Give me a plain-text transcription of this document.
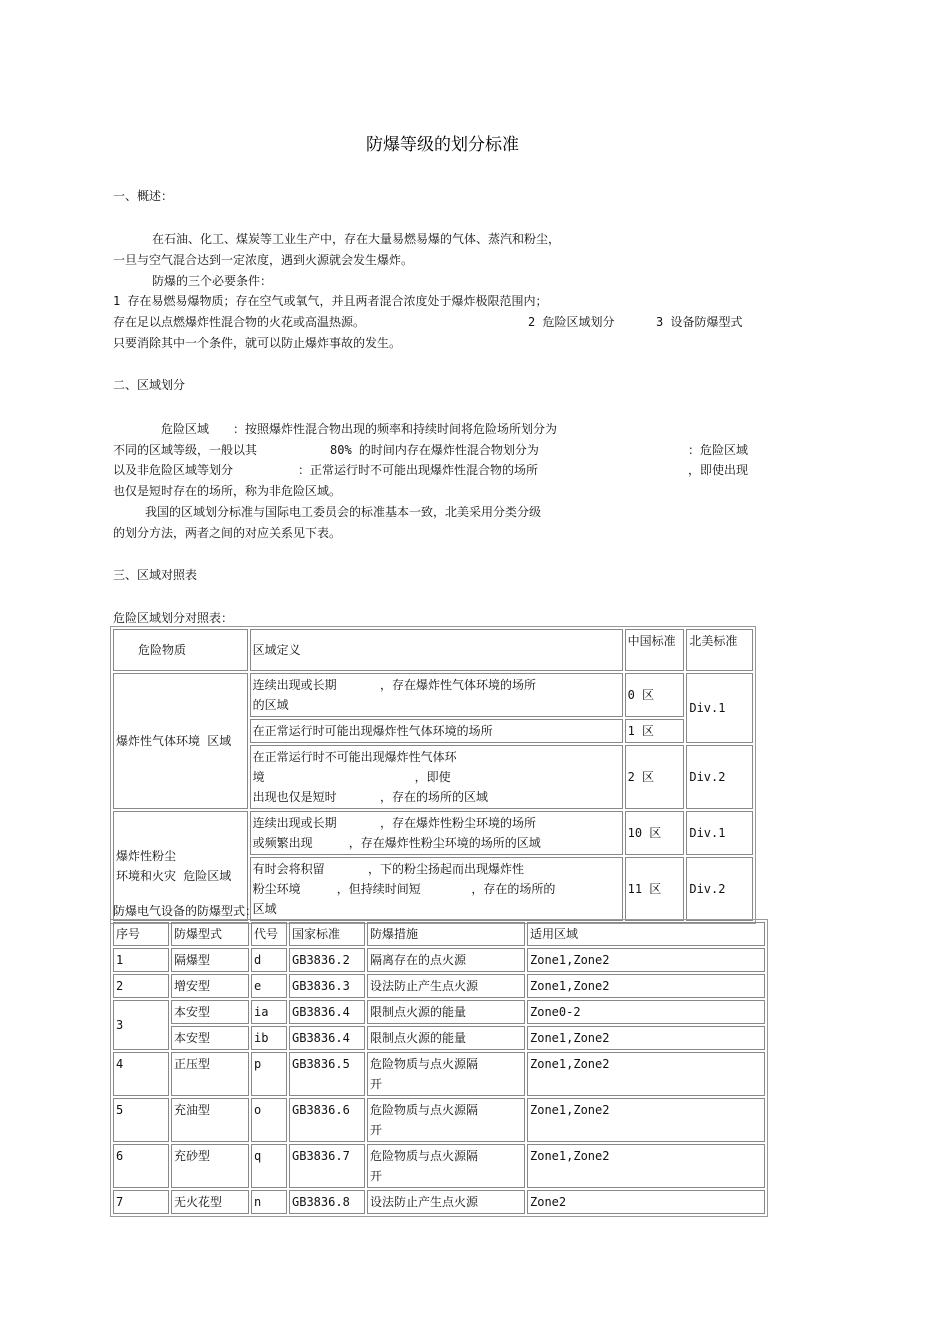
防爆等级的划分标准
一、概述：
在石油、化工、煤炭等工业生产中，存在大量易燃易爆的气体、蒸汽和粉尘，
一旦与空气混合达到一定浓度，遇到火源就会发生爆炸。
防爆的三个必要条件：
1 存在易燃易爆物质；存在空气或氧气，并且两者混合浓度处于爆炸极限范围内；
存在足以点燃爆炸性混合物的火花或高温热源。	2 危险区域划分	3 设备防爆型式
只要消除其中一个条件，就可以防止爆炸事故的发生。
二、区域划分
危险区域 ：按照爆炸性混合物出现的频率和持续时间将危险场所划分为
不同的区域等级，一般以其	80% 的时间内存在爆炸性混合物划分为	：危险区域
以及非危险区域等划分	：正常运行时不可能出现爆炸性混合物的场所	，即使出现
也仅是短时存在的场所，称为非危险区域。
我国的区域划分标准与国际电工委员会的标准基本一致，北美采用分类分级
的划分方法，两者之间的对应关系见下表。
三、区域对照表
危险区域划分对照表：
危险物质	区域定义	中国标准	北美标准
爆炸性气体环境 区域	连续出现或长期 ，存在爆炸性气体环境的场所
的区域	0 区	Div.1
	在正常运行时可能出现爆炸性气体环境的场所	1 区	
	在正常运行时不可能出现爆炸性气体环境 ，即使
出现也仅是短时 ，存在的场所的区域	2 区	Div.2
爆炸性粉尘
环境和火灾 危险区域	连续出现或长期 ，存在爆炸性粉尘环境的场所
或频繁出现 ，存在爆炸性粉尘环境的场所的区域	10 区	Div.1
	有时会将积留 ，下的粉尘扬起而出现爆炸性
粉尘环境 ，但持续时间短 ，存在的场所的
区域	11 区	Div.2
防爆电气设备的防爆型式：
序号	防爆型式	代号	国家标准	防爆措施	适用区域
1	隔爆型	d	GB3836.2	隔离存在的点火源	Zone1,Zone2
2	增安型	e	GB3836.3	设法防止产生点火源	Zone1,Zone2
3	本安型	ia	GB3836.4	限制点火源的能量	Zone0-2
	本安型	ib	GB3836.4	限制点火源的能量	Zone1,Zone2
4	正压型	p	GB3836.5	危险物质与点火源隔
开	Zone1,Zone2
5	充油型	o	GB3836.6	危险物质与点火源隔
开	Zone1,Zone2
6	充砂型	q	GB3836.7	危险物质与点火源隔
开	Zone1,Zone2
7	无火花型	n	GB3836.8	设法防止产生点火源	Zone2
